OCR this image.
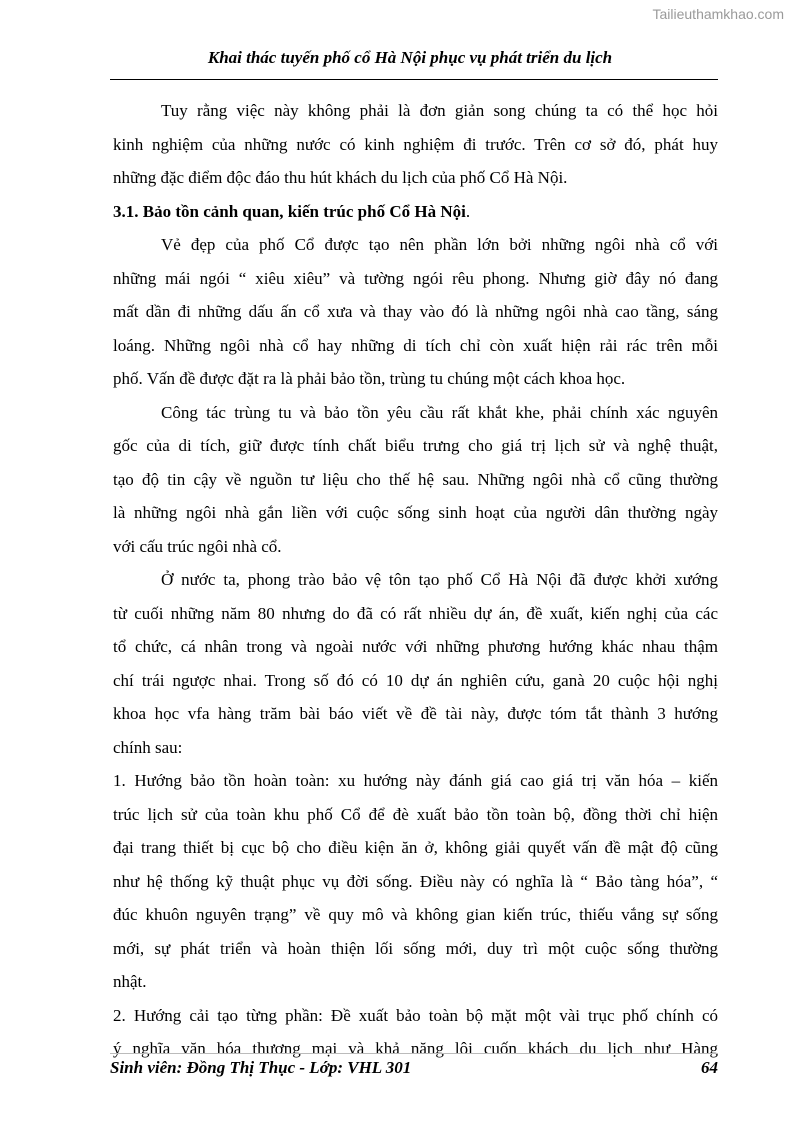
Tailieuthamkhao.com
Khai thác tuyến phố cổ Hà Nội phục vụ phát triển du lịch
Tuy rằng việc này không phải là đơn giản song chúng ta có thể học hỏi
kinh nghiệm của những nước có kinh nghiệm đi trước. Trên cơ sở đó, phát huy
những đặc điểm độc đáo thu hút khách du lịch của phố Cổ Hà Nội.
3.1. Bảo tồn cảnh quan, kiến trúc phố Cổ Hà Nội.
Vẻ đẹp của phố Cổ được tạo nên phần lớn bởi những ngôi nhà cổ với
những mái ngói “ xiêu xiêu” và tường ngói rêu phong. Nhưng giờ đây nó đang
mất dần đi những dấu ấn cổ xưa và thay vào đó là những ngôi nhà cao tầng, sáng
loáng. Những ngôi nhà cổ hay những di tích chỉ còn xuất hiện rải rác trên mỗi
phố. Vấn đề được đặt ra là phải bảo tồn, trùng tu chúng một cách khoa học.
Công tác trùng tu và bảo tồn yêu cầu rất khắt khe, phải chính xác nguyên
gốc của di tích, giữ được tính chất biểu trưng cho giá trị lịch sử và nghệ thuật,
tạo độ tin cậy về nguồn tư liệu cho thế hệ sau. Những ngôi nhà cổ cũng thường
là những ngôi nhà gắn liền với cuộc sống sinh hoạt của người dân thường ngày
với cấu trúc ngôi nhà cổ.
Ở nước ta, phong trào bảo vệ tôn tạo phố Cổ Hà Nội đã được khởi xướng
từ cuối những năm 80 nhưng do đã có rất nhiều dự án, đề xuất, kiến nghị của các
tổ chức, cá nhân trong và ngoài nước với những phương hướng khác nhau thậm
chí trái ngược nhai. Trong số đó có 10 dự án nghiên cứu, ganà 20 cuộc hội nghị
khoa học vfa hàng trăm bài báo viết về đề tài này, được tóm tắt thành 3 hướng
chính sau:
1. Hướng bảo tồn hoàn toàn: xu hướng này đánh giá cao giá trị văn hóa – kiến
trúc lịch sử của toàn khu phố Cổ để đè xuất bảo tồn toàn bộ, đồng thời chỉ hiện
đại trang thiết bị cục bộ cho điều kiện ăn ở, không giải quyết vấn đề mật độ cũng
như hệ thống kỹ thuật phục vụ đời sống. Điều này có nghĩa là “ Bảo tàng hóa”, “
đúc khuôn nguyên trạng” về quy mô và không gian kiến trúc, thiếu vắng sự sống
mới, sự phát triển và hoàn thiện lối sống mới, duy trì một cuộc sống thường
nhật.
2. Hướng cải tạo từng phần: Đề xuất bảo toàn bộ mặt một vài trục phố chính có
ý nghĩa văn hóa thương mại và khả năng lôi cuốn khách du lịch như Hàng
Sinh viên: Đồng Thị Thục - Lớp: VHL 301	64
